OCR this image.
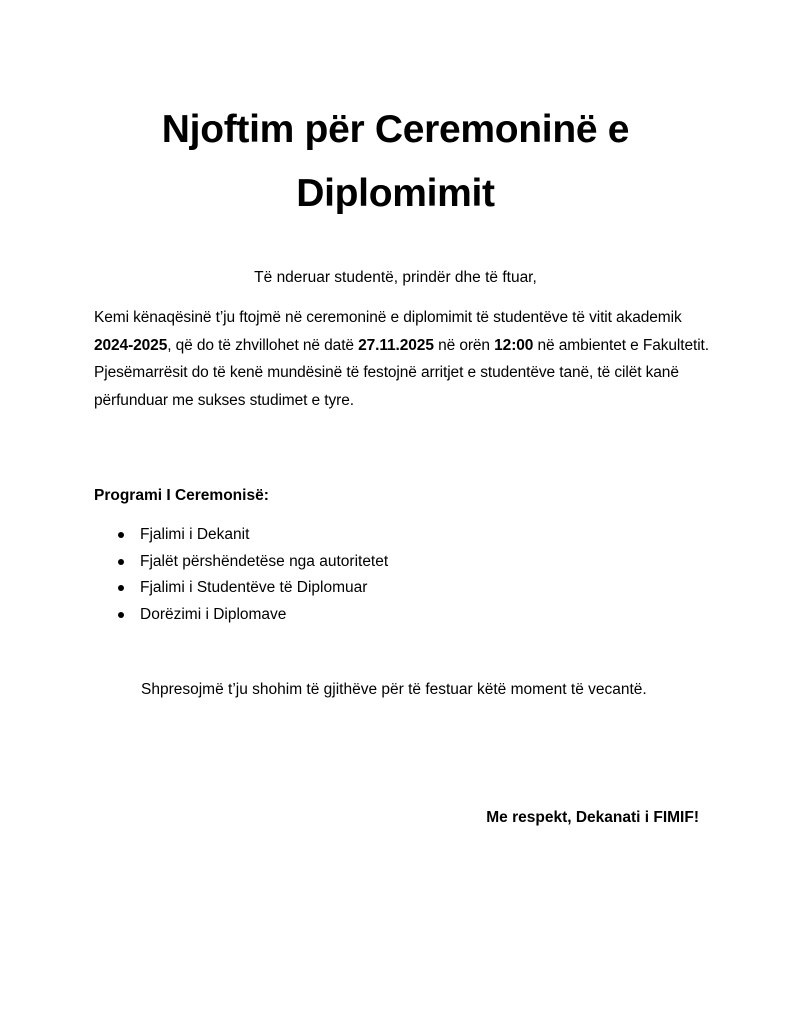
Njoftim për Ceremoninë e
Diplomimit
Të nderuar studentë, prindër dhe të ftuar,
Kemi kënaqësinë t’ju ftojmë në ceremoninë e diplomimit të studentëve të vitit akademik 2024-2025, që do të zhvillohet në datë 27.11.2025 në orën 12:00 në ambientet e Fakultetit. Pjesëmarrësit do të kenë mundësinë të festojnë arritjet e studentëve tanë, të cilët kanë përfunduar me sukses studimet e tyre.
Programi I Ceremonisë:
Fjalimi i Dekanit
Fjalët përshëndetëse nga autoritetet
Fjalimi i Studentëve të Diplomuar
Dorëzimi i Diplomave
Shpresojmë t’ju shohim të gjithëve për të festuar këtë moment të vecantë.
Me respekt, Dekanati i FIMIF!
